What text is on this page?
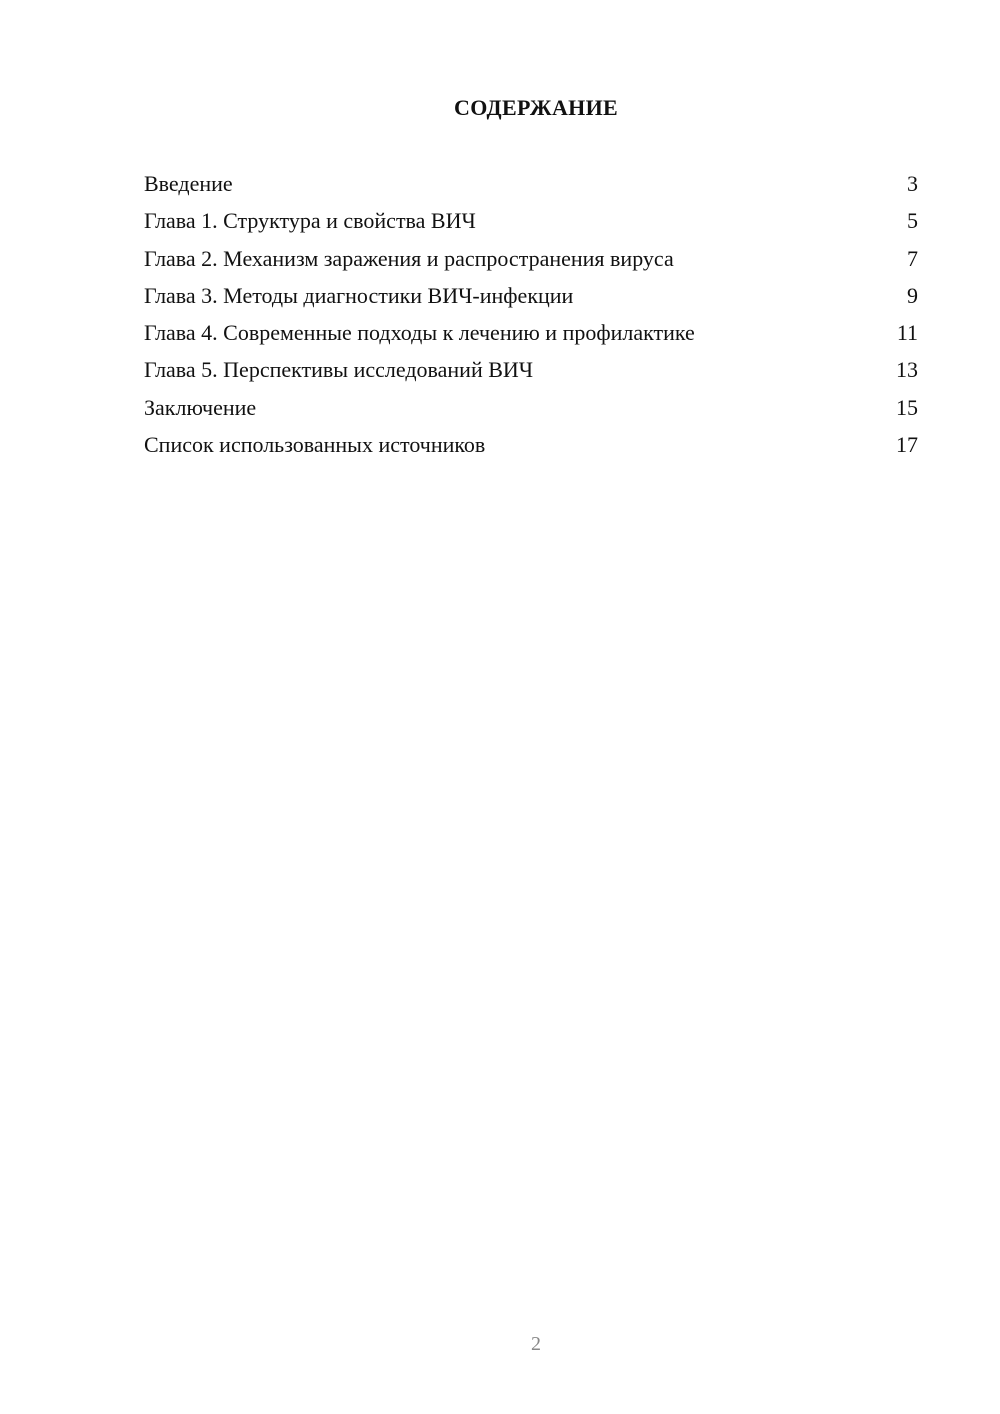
СОДЕРЖАНИЕ
Введение	3
Глава 1. Структура и свойства ВИЧ	5
Глава 2. Механизм заражения и распространения вируса	7
Глава 3. Методы диагностики ВИЧ-инфекции	9
Глава 4. Современные подходы к лечению и профилактике	11
Глава 5. Перспективы исследований ВИЧ	13
Заключение	15
Список использованных источников	17
2
